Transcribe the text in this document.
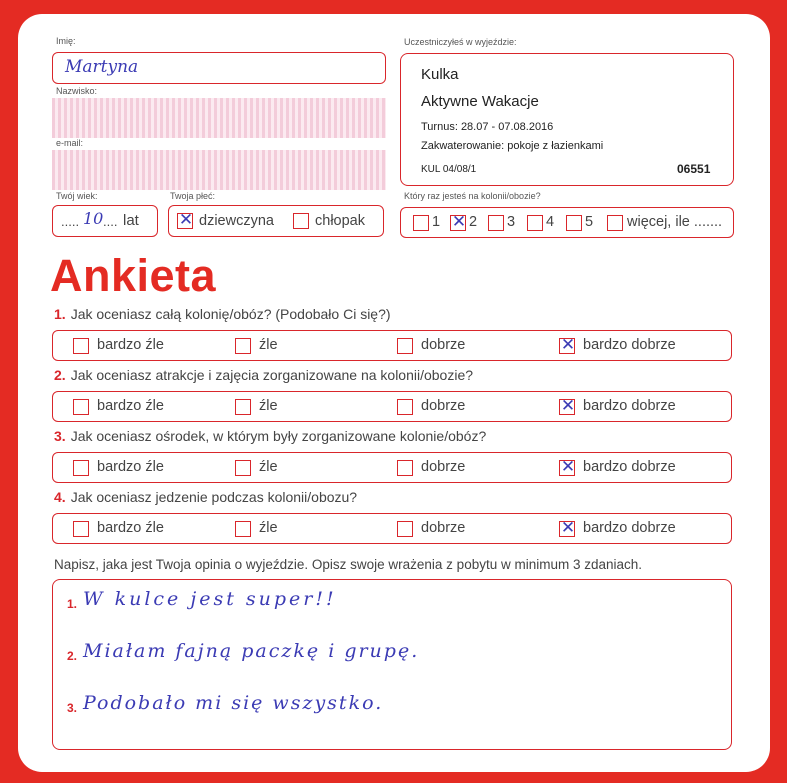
Imię:
Martyna
Nazwisko:
e-mail:
Twój wiek:
..... 10 .... lat
Twoja płeć:
✕ dziewczyna	chłopak
Uczestniczyłeś w wyjeździe:
Kulka
Aktywne Wakacje
Turnus: 28.07 - 07.08.2016
Zakwaterowanie: pokoje z łazienkami
KUL 04/08/1	06551
Który raz jesteś na kolonii/obozie?
1 ✕ 2 3 4 5 więcej, ile .......
Ankieta
1. Jak oceniasz całą kolonię/obóz? (Podobało Ci się?)
bardzo źle	źle	dobrze	✕ bardzo dobrze
2. Jak oceniasz atrakcje i zajęcia zorganizowane na kolonii/obozie?
bardzo źle	źle	dobrze	✕ bardzo dobrze
3. Jak oceniasz ośrodek, w którym były zorganizowane kolonie/obóz?
bardzo źle	źle	dobrze	✕ bardzo dobrze
4. Jak oceniasz jedzenie podczas kolonii/obozu?
bardzo źle	źle	dobrze	✕ bardzo dobrze
Napisz, jaka jest Twoja opinia o wyjeździe. Opisz swoje wrażenia z pobytu w minimum 3 zdaniach.
1. W kulce jest super!!
2. Miałam fajną paczkę i grupę.
3. Podobało mi się wszystko.
